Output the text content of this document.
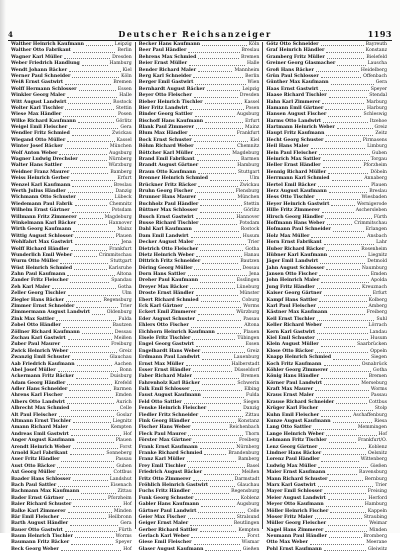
4	Deutscher Reichsanzeiger	1193
Walther Heinrich Kaufmann	Leipzig
Walther Otto Fabrikant	Berlin
Wagner Karl Müller	Dresden
Weber Friedrich Handlung	Hamburg
Wendt Johann Bäcker	Kiel
Werner Paul Schneider	Köln
Weiß Ernst Gastwirt	Bremen
Wolff Hermann Schlosser	Essen
Winkler Georg Maler	Halle
Witt August Landwirt	Rostock
Wolter Karl Tischler	Stettin
Wiese Max Händler	Posen
Wilke Richard Kaufmann	Görlitz
Weigel Emil Fleischer	Gera
Wendler Fritz Schmied	Zwickau
Wiegand Otto Müller	Kassel
Winter Josef Bäcker	München
Wolf Anton Weber	Augsburg
Wagner Ludwig Drechsler	Nürnberg
Walter Hans Sattler	Würzburg
Weidner Franz Maurer	Bamberg
Weiss Heinrich Gerber	Erfurt
Wenzel Karl Kaufmann	Breslau
Werth Julius Händler	Danzig
Wichmann Otto Schuster	Lübeck
Wiedemann Paul Fabrik	Chemnitz
Wilhelm Ernst Gärtner	Potsdam
Willmann Fritz Zimmerer	Magdeburg
Winkelmann Karl Bäcker	Hannover
Wirth Georg Kaufmann	Mainz
Wittig August Schlosser	Plauen
Wohlfahrt Max Gastwirt	Jena
Wolff Richard Händler	Frankfurt
Wunderlich Emil Weber	Crimmitschau
Wurm Otto Müller	Stuttgart
Wüst Heinrich Schmied	Karlsruhe
Zahn Paul Kaufmann	Altona
Zander Fritz Fleischer	Spandau
Zeh Karl Maler	Gotha
Zeller Georg Tischler	Ulm
Ziegler Hans Bäcker	Regensburg
Zimmer Ernst Schneider	Trier
Zimmermann August Landwirt	Oldenburg
Zink Max Sattler	Fulda
Zobel Otto Händler	Bautzen
Zöllner Richard Kaufmann	Dessau
Zschau Karl Gastwirt	Meißen
Zuber Paul Maurer	Freiburg
Zwick Heinrich Weber	Greiz
Zwanzig Emil Schuster	Glauchau
Aab Friedrich Kaufmann	Aachen
Abel Josef Müller	Bonn
Ackermann Fritz Bäcker	Duisburg
Adam Georg Händler	Krefeld
Adler Hans Schneider	Barmen
Ahrens Karl Fischer	Emden
Albers Otto Landwirt	Aurich
Albrecht Max Schmied	Celle
Alt Paul Fleischer	Goslar
Altmann Ernst Tischler	Liegnitz
Amann Richard Maler	Kempten
Andreas Emil Gastwirt	Hof
Anger August Kaufmann	Plauen
Arendt Heinrich Weber	Forst
Arnold Karl Fabrikant	Sonneberg
Auer Fritz Händler	Passau
Aust Otto Bäcker	Guben
Axt Georg Müller	Cottbus
Baader Hans Schlosser	Landshut
Bach Paul Sattler	Eisenach
Bachmann Max Kaufmann	Zittau
Bader Ernst Gärtner	Pforzheim
Baier Richard Schuster	Hof
Balke Karl Zimmerer	Minden
Bär Emil Fleischer	Heilbronn
Barth August Händler	Gera
Bauer Otto Gastwirt	Fürth
Baum Heinrich Tischler	Worms
Baumann Fritz Bäcker	Speyer
Beck Georg Weber	Hof
Becker Hans Kaufmann	Köln
Beer Paul Händler	Breslau
Behrens Max Schmied	Bremen
Beier Ernst Müller	Halle
Bender Richard Maler	Mannheim
Berg Karl Schneider	Berlin
Berger Emil Gastwirt	Wien
Bernhardt August Bäcker	Leipzig
Beyer Otto Fleischer	Dresden
Bieber Heinrich Tischler	Kassel
Bier Fritz Landwirt	Posen
Binder Georg Sattler	Augsburg
Bischoff Hans Kaufmann	Erfurt
Blank Paul Zimmerer	Mainz
Blum Max Händler	Frankfurt
Bock Ernst Schuster	Kiel
Böhm Richard Weber	Chemnitz
Böttcher Karl Müller	Magdeburg
Brand Emil Fabrikant	Barmen
Brandt August Gärtner	Hamburg
Braun Otto Kaufmann	Stuttgart
Brenner Heinrich Schmied	Ulm
Brückner Fritz Bäcker	Zwickau
Bruhn Georg Fischer	Flensburg
Brunner Hans Maurer	München
Buchholz Paul Händler	Stettin
Büttner Max Schlosser	Görlitz
Busch Ernst Gastwirt	Hannover
Busse Richard Tischler	Potsdam
Dahl Karl Kaufmann	Rostock
Dam Emil Landwirt	Husum
Decker August Maler	Trier
Dietrich Otto Fleischer	Gotha
Dietz Heinrich Weber	Hanau
Dittrich Fritz Schneider	Bautzen
Döring Georg Müller	Dessau
Dorn Hans Sattler	Jena
Dreher Paul Kaufmann	Esslingen
Dreyer Max Bäcker	Lüneburg
Droste Ernst Händler	Münster
Ebert Richard Schmied	Coburg
Eck Karl Gärtner	Worms
Eckert Emil Zimmerer	Würzburg
Eder August Schuster	Passau
Ehlers Otto Fischer	Altona
Eichhorn Heinrich Kaufmann	Plauen
Eisele Fritz Tischler	Tübingen
Engel Georg Gastwirt	Essen
Engelhardt Hans Weber	Greiz
Erdmann Paul Landwirt	Lauenburg
Ernst Max Müller	Halberstadt
Esser Ernst Händler	Düsseldorf
Faber Richard Maler	Bremen
Fahrenholz Karl Bäcker	Schwerin
Falk Emil Schlosser	Elbing
Faust August Kaufmann	Fulda
Feld Otto Sattler	Siegen
Fenske Heinrich Fleischer	Danzig
Fiedler Fritz Schneider	Zittau
Fink Georg Händler	Konstanz
Fischer Hans Weber	Reichenbach
Fleck Paul Maurer	Thorn
Förster Max Gärtner	Freiberg
Frank Ernst Kaufmann	Nürnberg
Franke Richard Schmied	Brandenburg
Franz Karl Müller	Bamberg
Frey Emil Tischler	Basel
Friedrich August Bäcker	Meißen
Fritz Otto Zimmerer	Darmstadt
Fröhlich Heinrich Gastwirt	Glauchau
Fuchs Fritz Händler	Regensburg
Funk Georg Schuster	Koblenz
Gabler Hans Kaufmann	Augsburg
Gärtner Paul Landwirt	Celle
Geier Max Fischer	Stralsund
Geiger Ernst Maler	Reutlingen
Gerber Richard Sattler	Kempten
Gerlach Karl Weber	Forst
Giese Emil Fleischer	Wismar
Glaser August Kaufmann	Gießen
Götz Otto Schneider	Bayreuth
Graf Heinrich Händler	Konstanz
Gramberg Fritz Müller	Bielefeld
Greiner Georg Glasmacher	Lauscha
Groß Hans Bäcker	Heidelberg
Grün Paul Schlosser	Offenbach
Günther Max Kaufmann	Gera
Haas Ernst Gastwirt	Speyer
Haase Richard Tischler	Stendal
Hahn Karl Zimmerer	Marburg
Hamann Emil Gärtner	Harburg
Hansen August Fischer	Schleswig
Harms Otto Landwirt	Itzehoe
Hartmann Heinrich Weber	Greiz
Haupt Fritz Kaufmann	Zeitz
Hecht Georg Schuster	Pirmasens
Heil Hans Maler	Limburg
Hein Paul Fleischer	Guben
Heinrich Max Sattler	Torgau
Heller Ernst Händler	Pforzheim
Hennig Richard Müller	Döbeln
Herrmann Karl Schmied	Annaberg
Hertel Emil Bäcker	Plauen
Herz August Kaufmann	Breslau
Hess Otto Tischler	Wiesbaden
Heyer Heinrich Gastwirt	Wernigerode
Hille Fritz Zimmerer	Aschersleben
Hirsch Georg Händler	Fürth
Hoffmann Hans Weber	Crimmitschau
Hofmann Paul Schneider	Erlangen
Holz Max Müller	Ansbach
Horn Ernst Fabrikant	Lahr
Huber Richard Bäcker	Rosenheim
Hübner Karl Kaufmann	Liegnitz
Jäger Emil Landwirt	Detmold
Jahn August Schlosser	Naumburg
Jansen Otto Fischer	Emden
John Heinrich Maler	Apolda
Jung Fritz Händler	Kreuznach
Kaiser Georg Gärtner	Erfurt
Kampf Hans Sattler	Kolberg
Karl Paul Fleischer	Amberg
Kästner Max Kaufmann	Freiberg
Keil Ernst Tischler	Suhl
Keller Richard Weber	Lörrach
Kern Karl Gastwirt	Landau
Kiel Emil Schuster	Husum
Klein August Müller	Saarbrücken
Klose Otto Bäcker	Oppeln
Knapp Heinrich Schmied	Siegen
Koch Fritz Kaufmann	Osnabrück
Köhler Georg Zimmerer	Gotha
König Hans Händler	Bremen
Körner Paul Landwirt	Merseburg
Kraft Max Maurer	Worms
Kraus Ernst Maler	Passau
Krause Richard Schneider	Cottbus
Krüger Karl Fischer	Stolp
Kuhn Emil Fleischer	Aschaffenburg
Kunze August Kaufmann	Riesa
Lang Otto Sattler	Memmingen
Lange Heinrich Weber	Hof
Lehmann Fritz Tischler	Frankfurt/O.
Lenz Georg Gärtner	Koblenz
Lindner Hans Bäcker	Oelsnitz
Lorenz Paul Händler	Wittenberg
Ludwig Max Müller	Gießen
Maier Ernst Kaufmann	Ravensburg
Mann Richard Schuster	Bernburg
Marx Karl Gastwirt	Trier
Mayer Emil Schlosser	Freising
Meier August Landwirt	Herford
Meyer Otto Kaufmann	Hamburg
Möller Heinrich Fischer	Kappeln
Moser Fritz Maler	Straubing
Müller Georg Fleischer	Weimar
Nagel Hans Zimmerer	Minden
Neumann Paul Händler	Bromberg
Otto Max Weber	Meerane
Pohl Ernst Kaufmann	Gleiwitz
